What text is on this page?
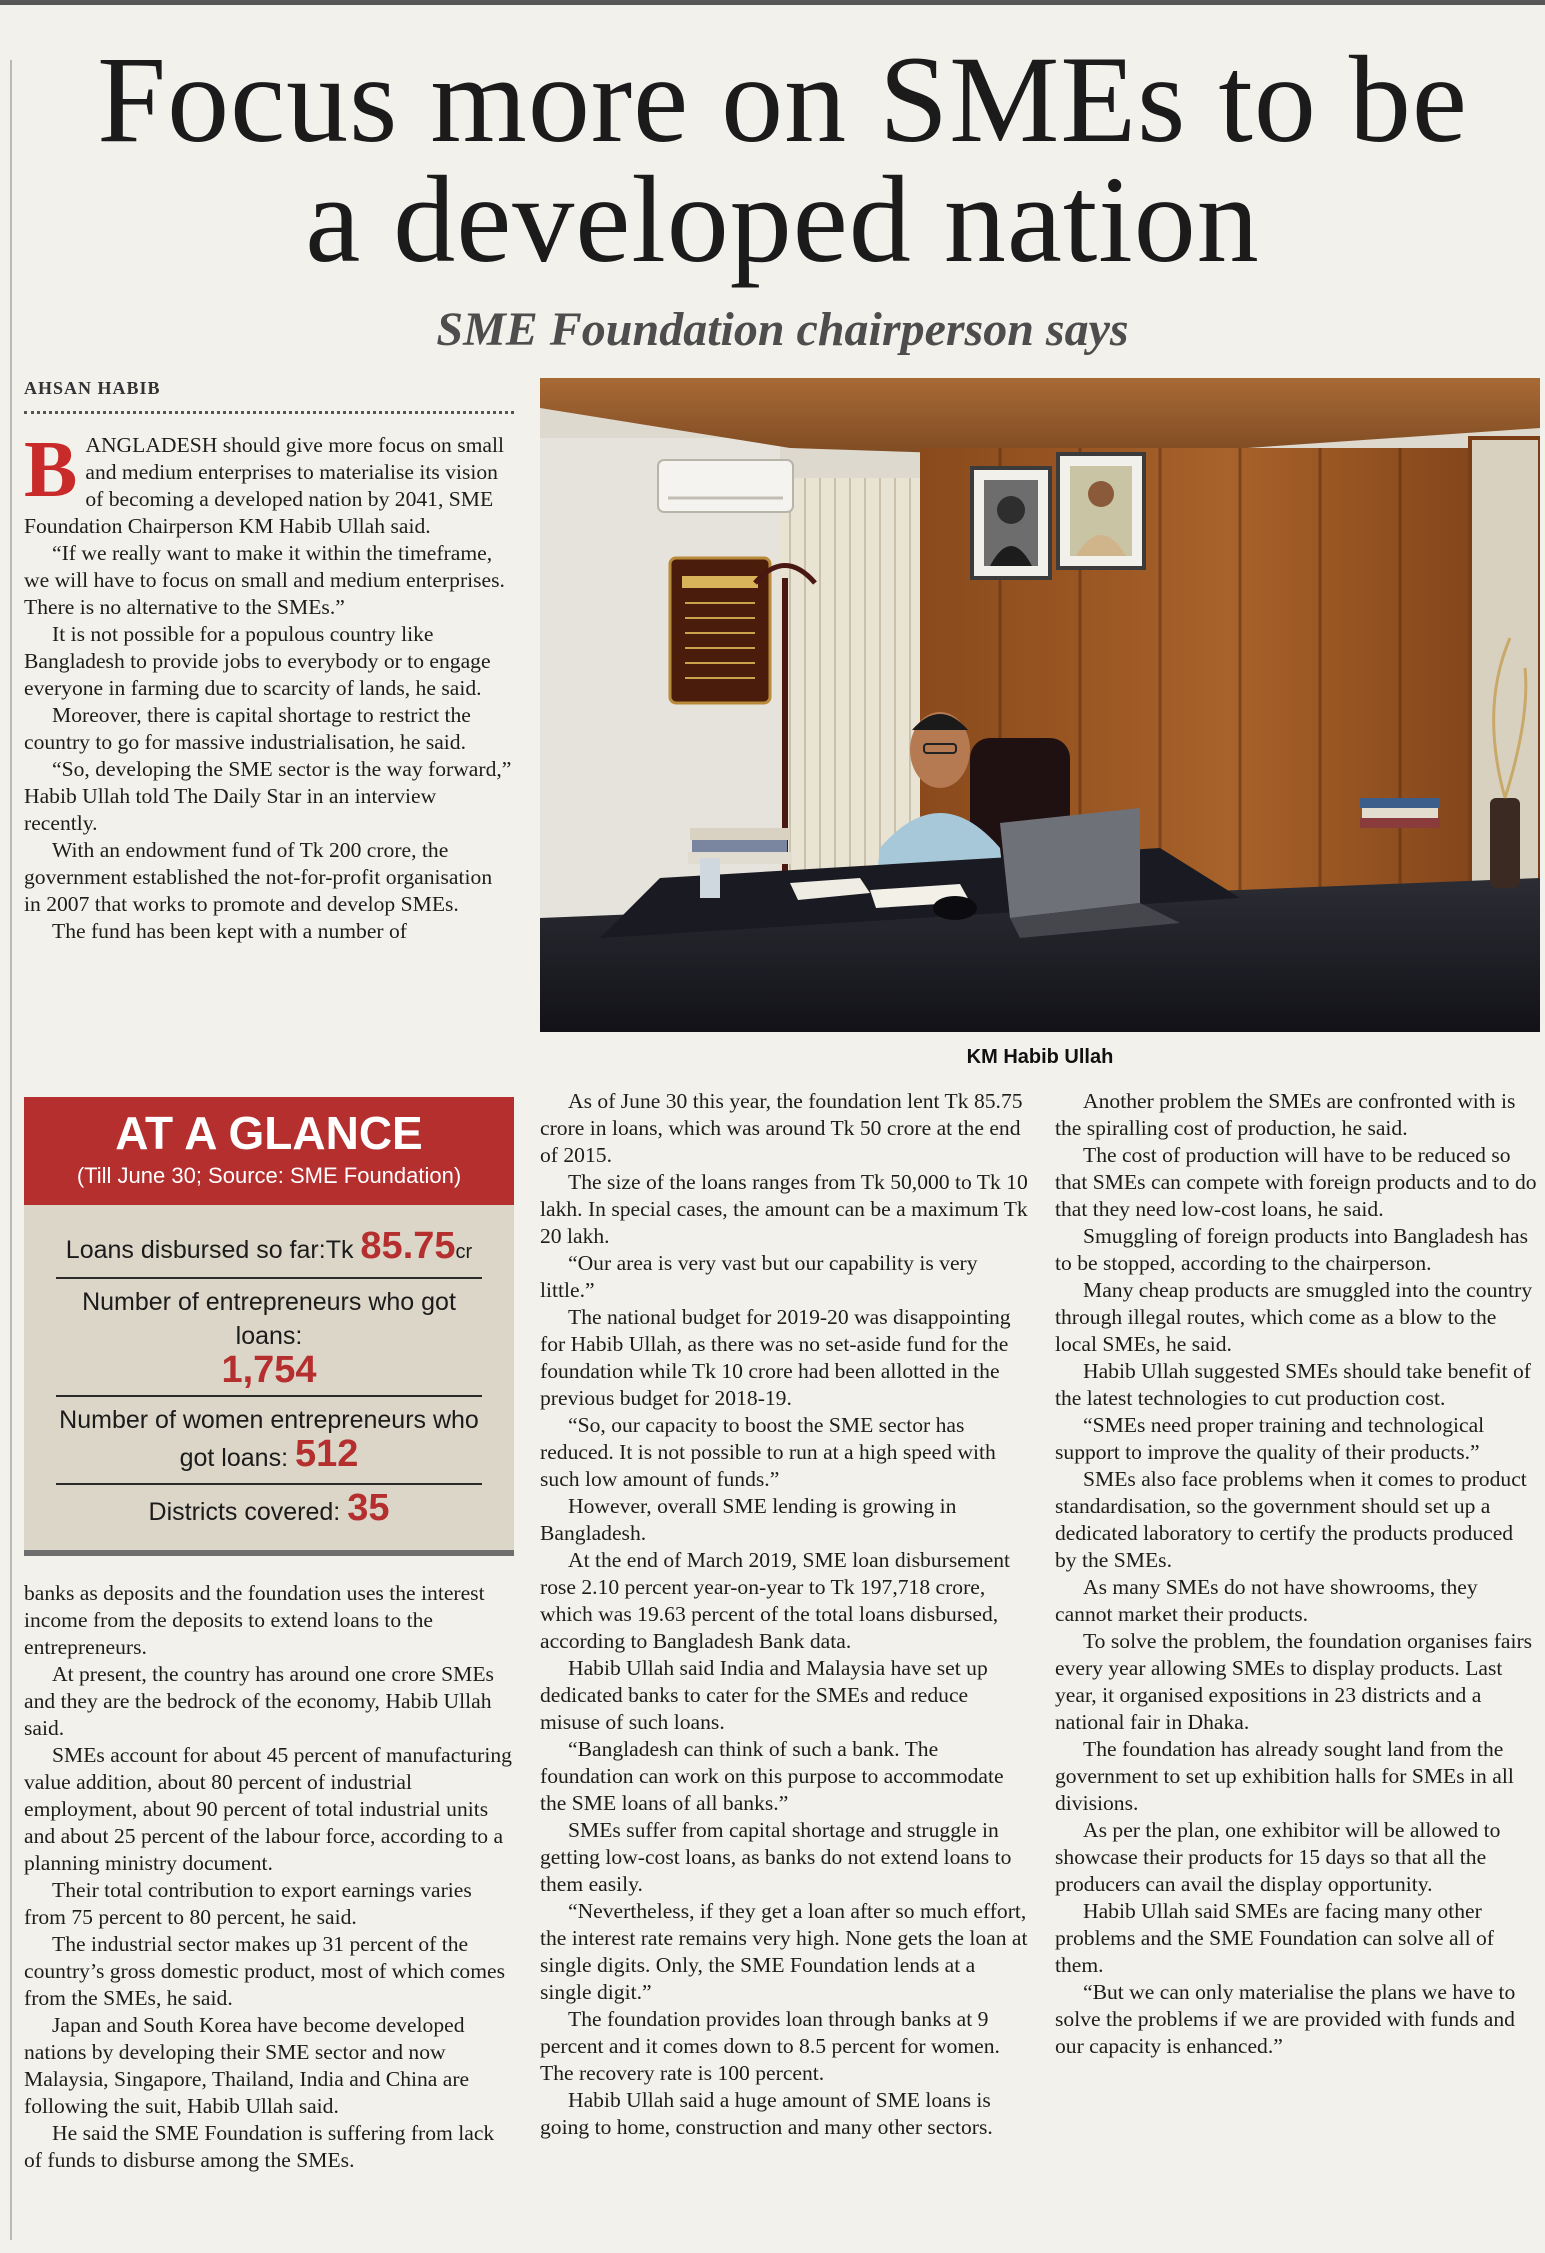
Focus more on SMEs to be a developed nation
SME Foundation chairperson says
AHSAN HABIB

BANGLADESH should give more focus on small and medium enterprises to materialise its vision of becoming a developed nation by 2041, SME Foundation Chairperson KM Habib Ullah said.

“If we really want to make it within the timeframe, we will have to focus on small and medium enterprises. There is no alternative to the SMEs.”

It is not possible for a populous country like Bangladesh to provide jobs to everybody or to engage everyone in farming due to scarcity of lands, he said.

Moreover, there is capital shortage to restrict the country to go for massive industrialisation, he said.

“So, developing the SME sector is the way forward,” Habib Ullah told The Daily Star in an interview recently.

With an endowment fund of Tk 200 crore, the government established the not-for-profit organisation in 2007 that works to promote and develop SMEs.

The fund has been kept with a number of

KM Habib Ullah
AT A GLANCE
(Till June 30; Source: SME Foundation)
Loans disbursed so far:Tk 85.75cr
Number of entrepreneurs who got loans:
1,754
Number of women entrepreneurs who got loans: 512
Districts covered: 35

banks as deposits and the foundation uses the interest income from the deposits to extend loans to the entrepreneurs.

At present, the country has around one crore SMEs and they are the bedrock of the economy, Habib Ullah said.

SMEs account for about 45 percent of manufacturing value addition, about 80 percent of industrial employment, about 90 percent of total industrial units and about 25 percent of the labour force, according to a planning ministry document.

Their total contribution to export earnings varies from 75 percent to 80 percent, he said.

The industrial sector makes up 31 percent of the country’s gross domestic product, most of which comes from the SMEs, he said.

Japan and South Korea have become developed nations by developing their SME sector and now Malaysia, Singapore, Thailand, India and China are following the suit, Habib Ullah said.

He said the SME Foundation is suffering from lack of funds to disburse among the SMEs.

As of June 30 this year, the foundation lent Tk 85.75 crore in loans, which was around Tk 50 crore at the end of 2015.

The size of the loans ranges from Tk 50,000 to Tk 10 lakh. In special cases, the amount can be a maximum Tk 20 lakh.

“Our area is very vast but our capability is very little.”

The national budget for 2019-20 was disappointing for Habib Ullah, as there was no set-aside fund for the foundation while Tk 10 crore had been allotted in the previous budget for 2018-19.

“So, our capacity to boost the SME sector has reduced. It is not possible to run at a high speed with such low amount of funds.”

However, overall SME lending is growing in Bangladesh.

At the end of March 2019, SME loan disbursement rose 2.10 percent year-on-year to Tk 197,718 crore, which was 19.63 percent of the total loans disbursed, according to Bangladesh Bank data.

Habib Ullah said India and Malaysia have set up dedicated banks to cater for the SMEs and reduce misuse of such loans.

“Bangladesh can think of such a bank. The foundation can work on this purpose to accommodate the SME loans of all banks.”

SMEs suffer from capital shortage and struggle in getting low-cost loans, as banks do not extend loans to them easily.

“Nevertheless, if they get a loan after so much effort, the interest rate remains very high. None gets the loan at single digits. Only, the SME Foundation lends at a single digit.”

The foundation provides loan through banks at 9 percent and it comes down to 8.5 percent for women. The recovery rate is 100 percent.

Habib Ullah said a huge amount of SME loans is going to home, construction and many other sectors.

Another problem the SMEs are confronted with is the spiralling cost of production, he said.

The cost of production will have to be reduced so that SMEs can compete with foreign products and to do that they need low-cost loans, he said.

Smuggling of foreign products into Bangladesh has to be stopped, according to the chairperson.

Many cheap products are smuggled into the country through illegal routes, which come as a blow to the local SMEs, he said.

Habib Ullah suggested SMEs should take benefit of the latest technologies to cut production cost.

“SMEs need proper training and technological support to improve the quality of their products.”

SMEs also face problems when it comes to product standardisation, so the government should set up a dedicated laboratory to certify the products produced by the SMEs.

As many SMEs do not have showrooms, they cannot market their products.

To solve the problem, the foundation organises fairs every year allowing SMEs to display products. Last year, it organised expositions in 23 districts and a national fair in Dhaka.

The foundation has already sought land from the government to set up exhibition halls for SMEs in all divisions.

As per the plan, one exhibitor will be allowed to showcase their products for 15 days so that all the producers can avail the display opportunity.

Habib Ullah said SMEs are facing many other problems and the SME Foundation can solve all of them.

“But we can only materialise the plans we have to solve the problems if we are provided with funds and our capacity is enhanced.”
